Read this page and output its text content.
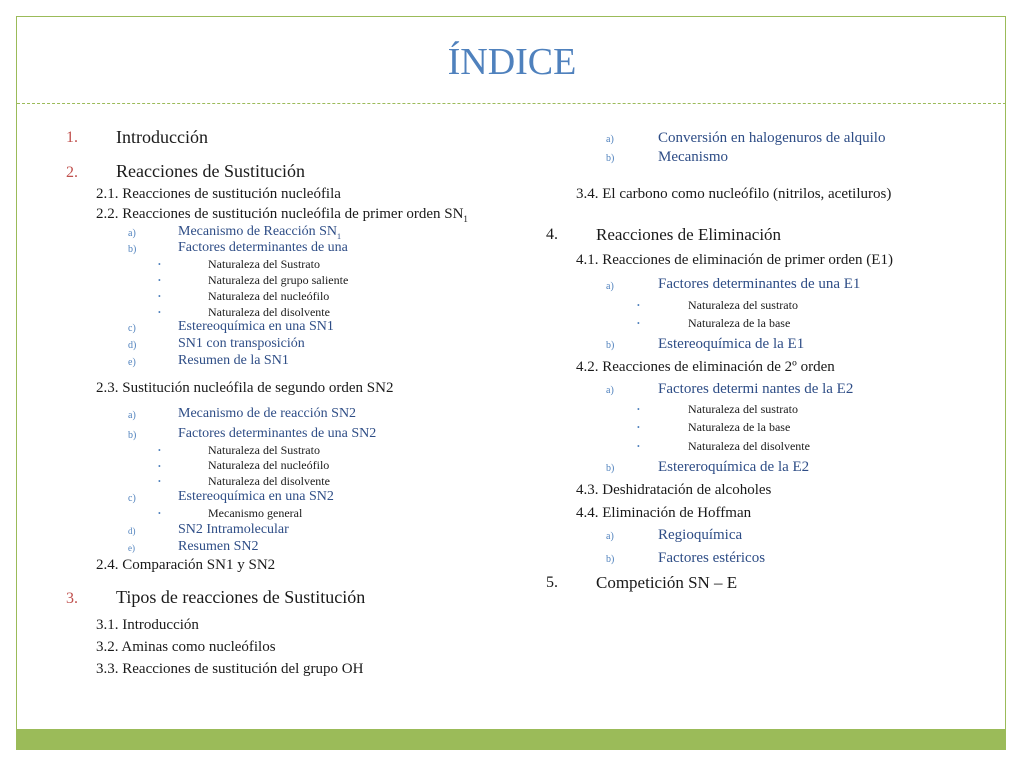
ÍNDICE
1. Introducción
2. Reacciones de Sustitución
2.1. Reacciones de sustitución nucleófila
2.2. Reacciones de sustitución nucleófila de primer orden $SN_1$
a)	Mecanismo de Reacción $SN_1$
b)	Factores determinantes de una
•	Naturaleza del Sustrato
•	Naturaleza del grupo saliente
•	Naturaleza del nucleófilo
•	Naturaleza del disolvente
c)	Estereoquímica en una SN1
d)	SN1 con transposición
e)	Resumen de la SN1
2.3. Sustitución nucleófila de segundo orden SN2
a)	Mecanismo de de reacción SN2
b)	Factores determinantes de una SN2
•	Naturaleza del Sustrato
•	Naturaleza del nucleófilo
•	Naturaleza del disolvente
c)	Estereoquímica en una SN2
•	Mecanismo general
d)	SN2 Intramolecular
e)	Resumen SN2
2.4. Comparación SN1 y SN2
3. Tipos de reacciones de Sustitución
3.1. Introducción
3.2. Aminas como nucleófilos
3.3. Reacciones de sustitución del grupo OH
a)	Conversión en halogenuros de alquilo
b)	Mecanismo
3.4. El carbono como nucleófilo (nitrilos, acetiluros)
4. Reacciones de Eliminación
4.1. Reacciones de eliminación de primer orden (E1)
a)	Factores determinantes de una E1
•	Naturaleza del sustrato
•	Naturaleza de la base
b)	Estereoquímica de la E1
4.2. Reacciones de eliminación de 2º orden
a)	Factores determi nantes de la E2
•	Naturaleza del sustrato
•	Naturaleza de la base
•	Naturaleza del disolvente
b)	Estereroquímica de la E2
4.3. Deshidratación de alcoholes
4.4. Eliminación de Hoffman
a)	Regioquímica
b)	Factores estéricos
5. Competición SN – E
